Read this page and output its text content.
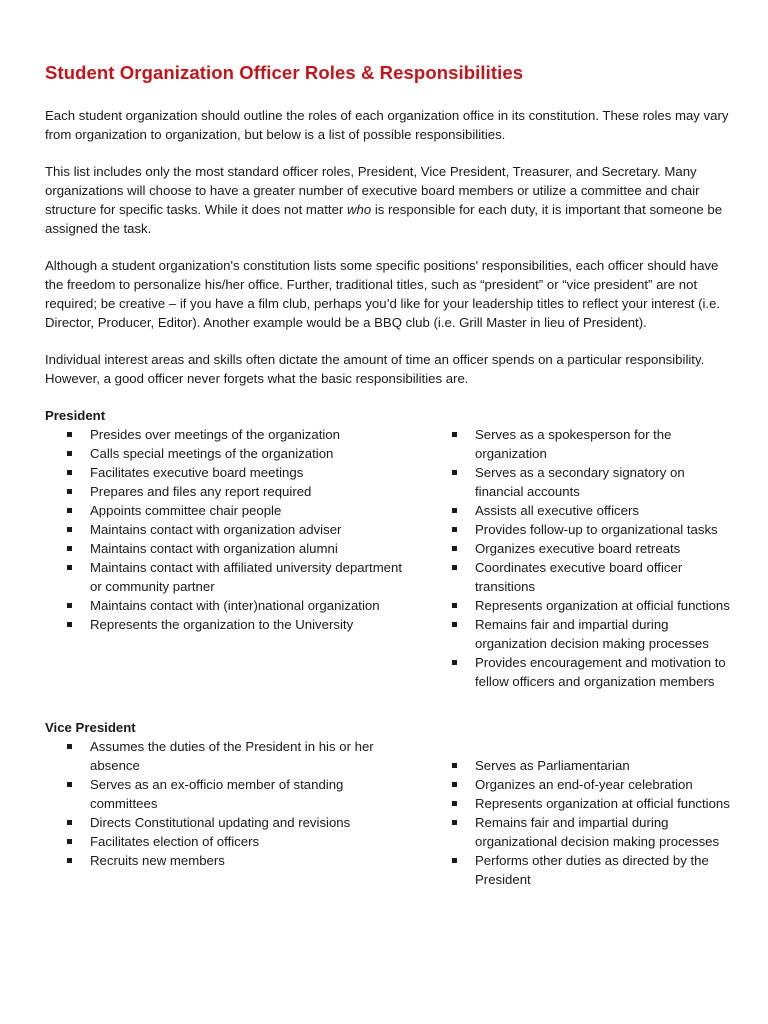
Student Organization Officer Roles & Responsibilities

Each student organization should outline the roles of each organization office in its constitution. These roles may vary from organization to organization, but below is a list of possible responsibilities.

This list includes only the most standard officer roles, President, Vice President, Treasurer, and Secretary. Many organizations will choose to have a greater number of executive board members or utilize a committee and chair structure for specific tasks. While it does not matter who is responsible for each duty, it is important that someone be assigned the task.

Although a student organization's constitution lists some specific positions' responsibilities, each officer should have the freedom to personalize his/her office. Further, traditional titles, such as “president” or “vice president” are not required; be creative – if you have a film club, perhaps you’d like for your leadership titles to reflect your interest (i.e. Director, Producer, Editor). Another example would be a BBQ club (i.e. Grill Master in lieu of President).

Individual interest areas and skills often dictate the amount of time an officer spends on a particular responsibility. However, a good officer never forgets what the basic responsibilities are.

President
Presides over meetings of the organization
Calls special meetings of the organization
Facilitates executive board meetings
Prepares and files any report required
Appoints committee chair people
Maintains contact with organization adviser
Maintains contact with organization alumni
Maintains contact with affiliated university department or community partner
Maintains contact with (inter)national organization
Represents the organization to the University
Serves as a spokesperson for the organization
Serves as a secondary signatory on financial accounts
Assists all executive officers
Provides follow-up to organizational tasks
Organizes executive board retreats
Coordinates executive board officer transitions
Represents organization at official functions
Remains fair and impartial during organization decision making processes
Provides encouragement and motivation to fellow officers and organization members
Vice President
Assumes the duties of the President in his or her absence
Serves as an ex-officio member of standing committees
Directs Constitutional updating and revisions
Facilitates election of officers
Recruits new members
Serves as Parliamentarian
Organizes an end-of-year celebration
Represents organization at official functions
Remains fair and impartial during organizational decision making processes
Performs other duties as directed by the President
